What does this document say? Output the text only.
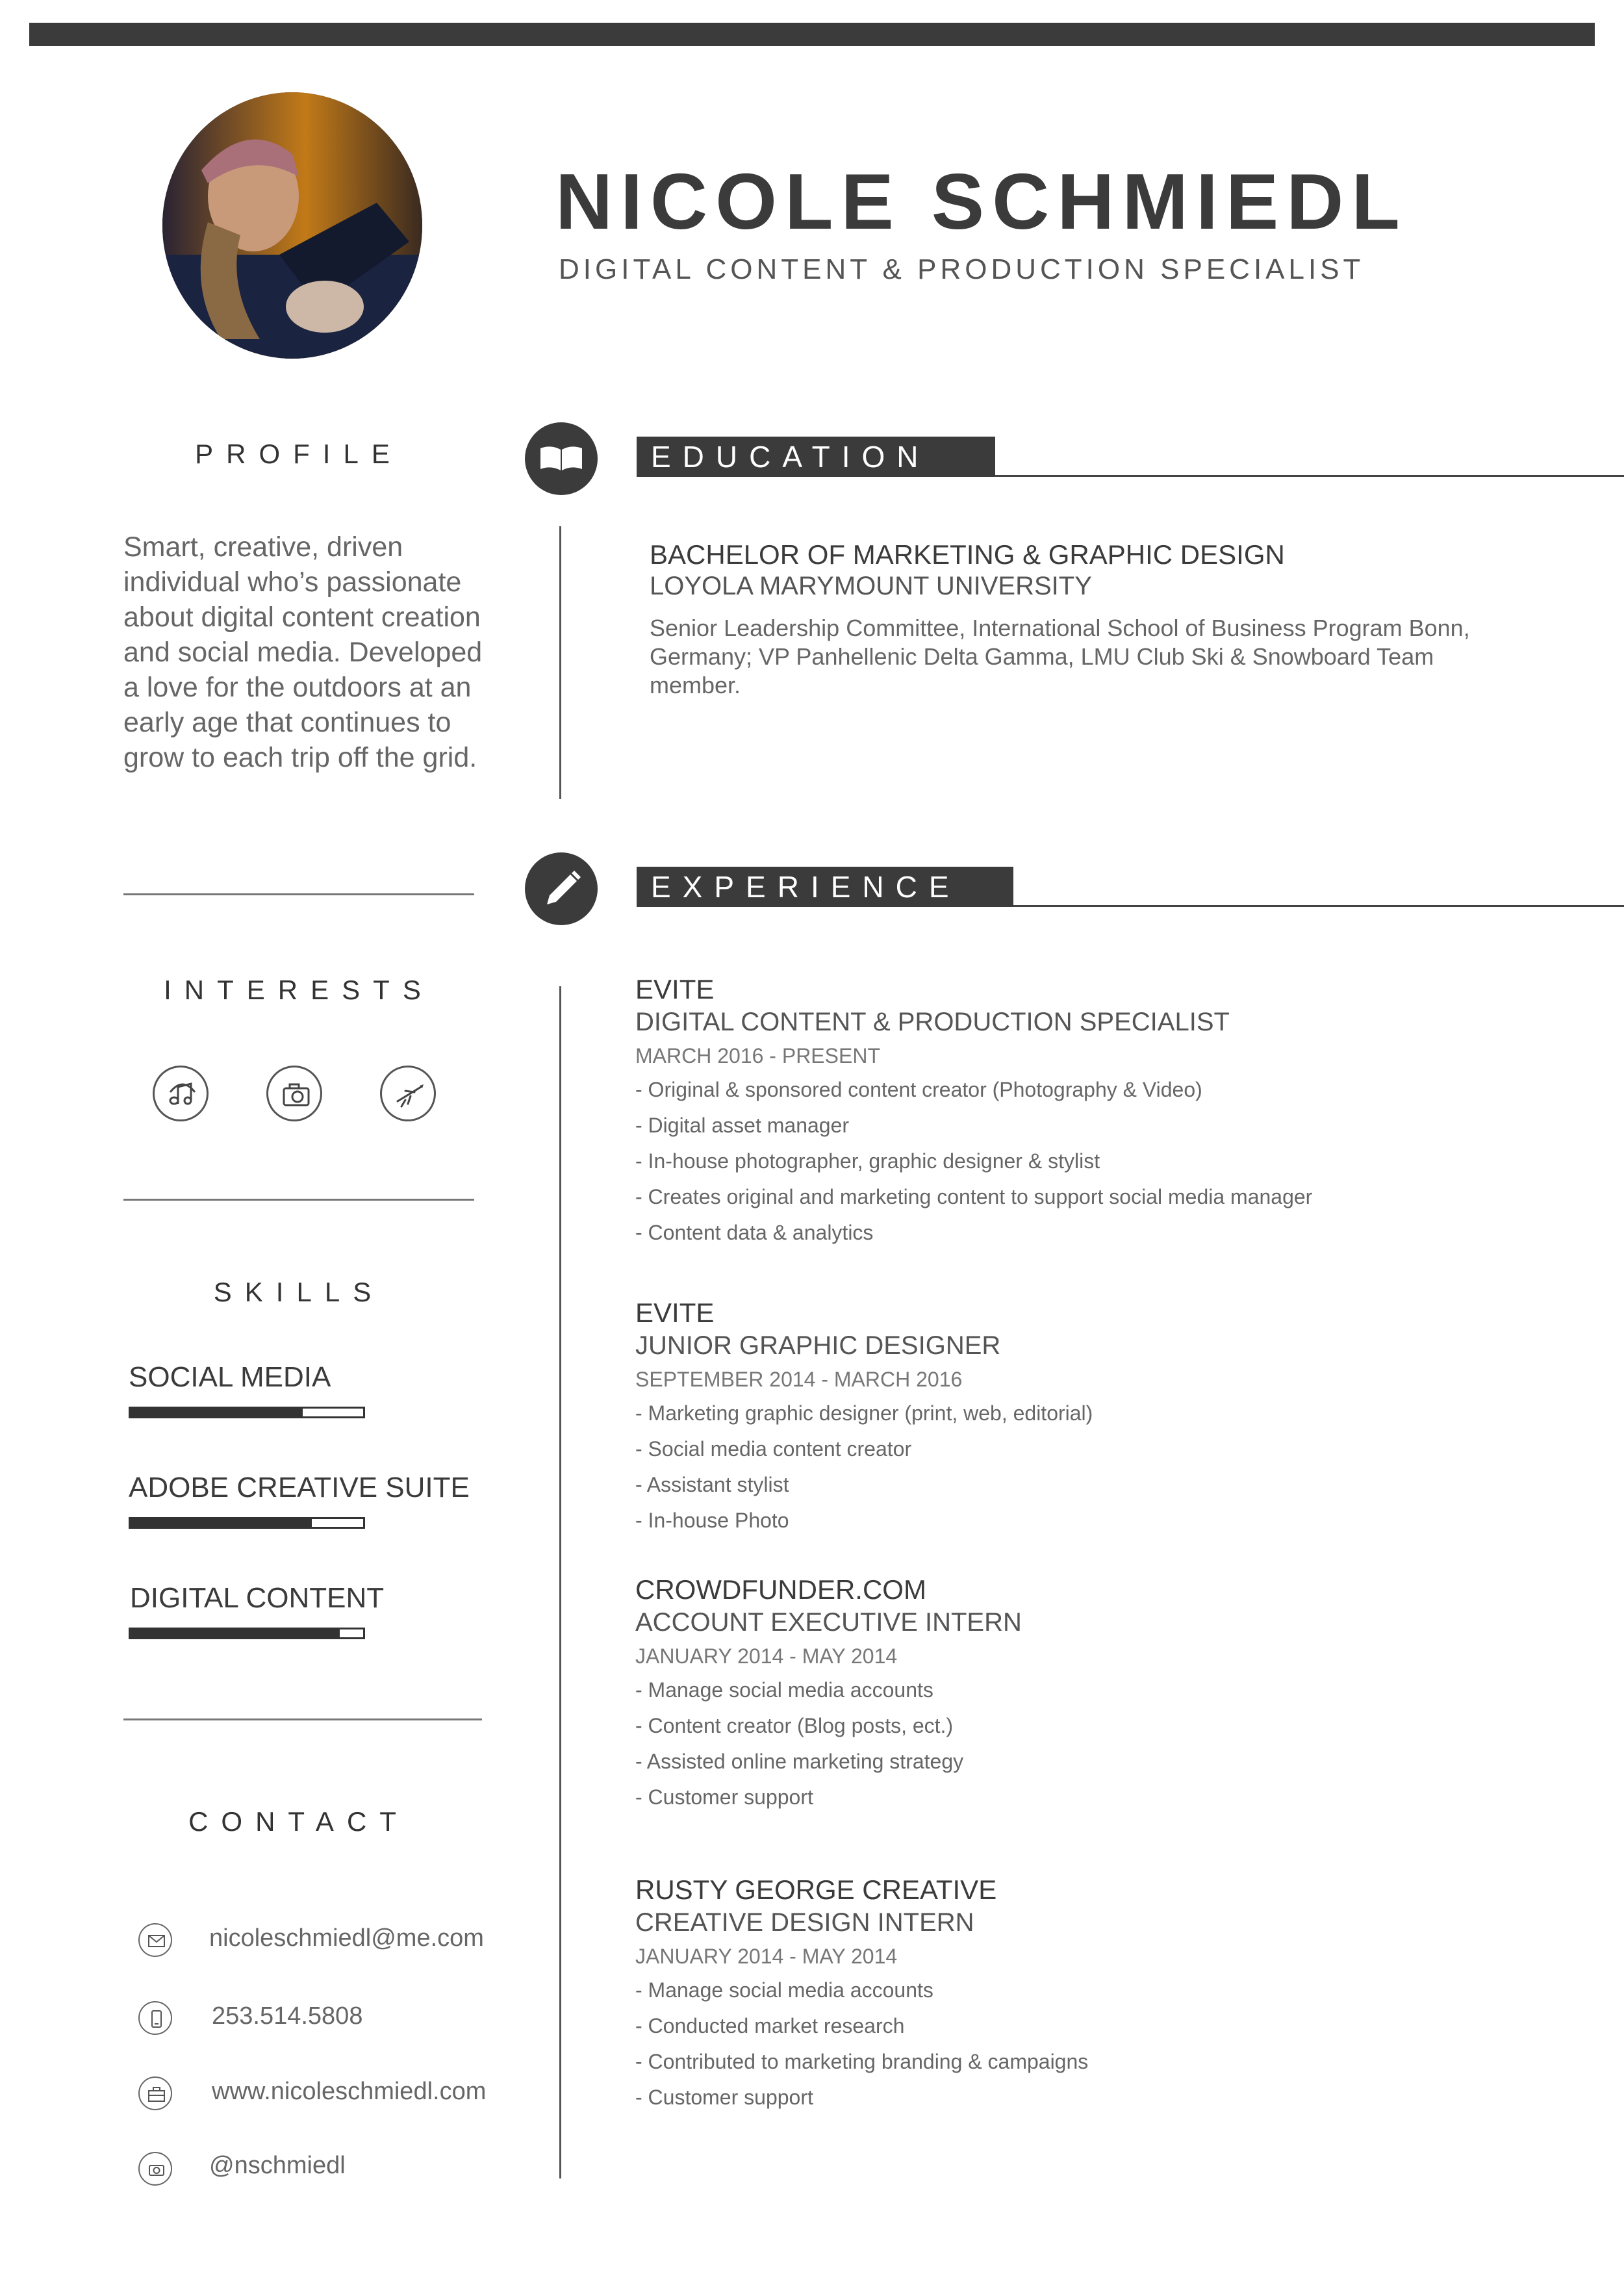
NICOLE SCHMIEDL
DIGITAL CONTENT & PRODUCTION SPECIALIST
PROFILE
Smart, creative, driven individual who’s passionate about digital content creation and social media. Developed a love for the outdoors at an early age that continues to grow to each trip off the grid.
INTERESTS
SKILLS
SOCIAL MEDIA
ADOBE CREATIVE SUITE
DIGITAL CONTENT
CONTACT
nicoleschmiedl@me.com
253.514.5808
www.nicoleschmiedl.com
@nschmiedl
EDUCATION
BACHELOR OF MARKETING & GRAPHIC DESIGN
LOYOLA MARYMOUNT UNIVERSITY
Senior Leadership Committee, International School of Business Program Bonn, Germany; VP Panhellenic Delta Gamma, LMU Club Ski & Snowboard Team member.
EXPERIENCE
EVITE
DIGITAL CONTENT & PRODUCTION SPECIALIST
MARCH 2016 - PRESENT
- Original & sponsored content creator (Photography & Video)
- Digital asset manager
- In-house photographer, graphic designer & stylist
- Creates original and marketing content to support social media manager
- Content data & analytics
EVITE
JUNIOR GRAPHIC DESIGNER
SEPTEMBER 2014 - MARCH 2016
- Marketing graphic designer (print, web, editorial)
- Social media content creator
- Assistant stylist
- In-house Photo
CROWDFUNDER.COM
ACCOUNT EXECUTIVE INTERN
JANUARY 2014 - MAY 2014
- Manage social media accounts
- Content creator (Blog posts, ect.)
- Assisted online marketing strategy
- Customer support
RUSTY GEORGE CREATIVE
CREATIVE DESIGN INTERN
JANUARY 2014 - MAY 2014
- Manage social media accounts
- Conducted market research
- Contributed to marketing branding & campaigns
- Customer support
